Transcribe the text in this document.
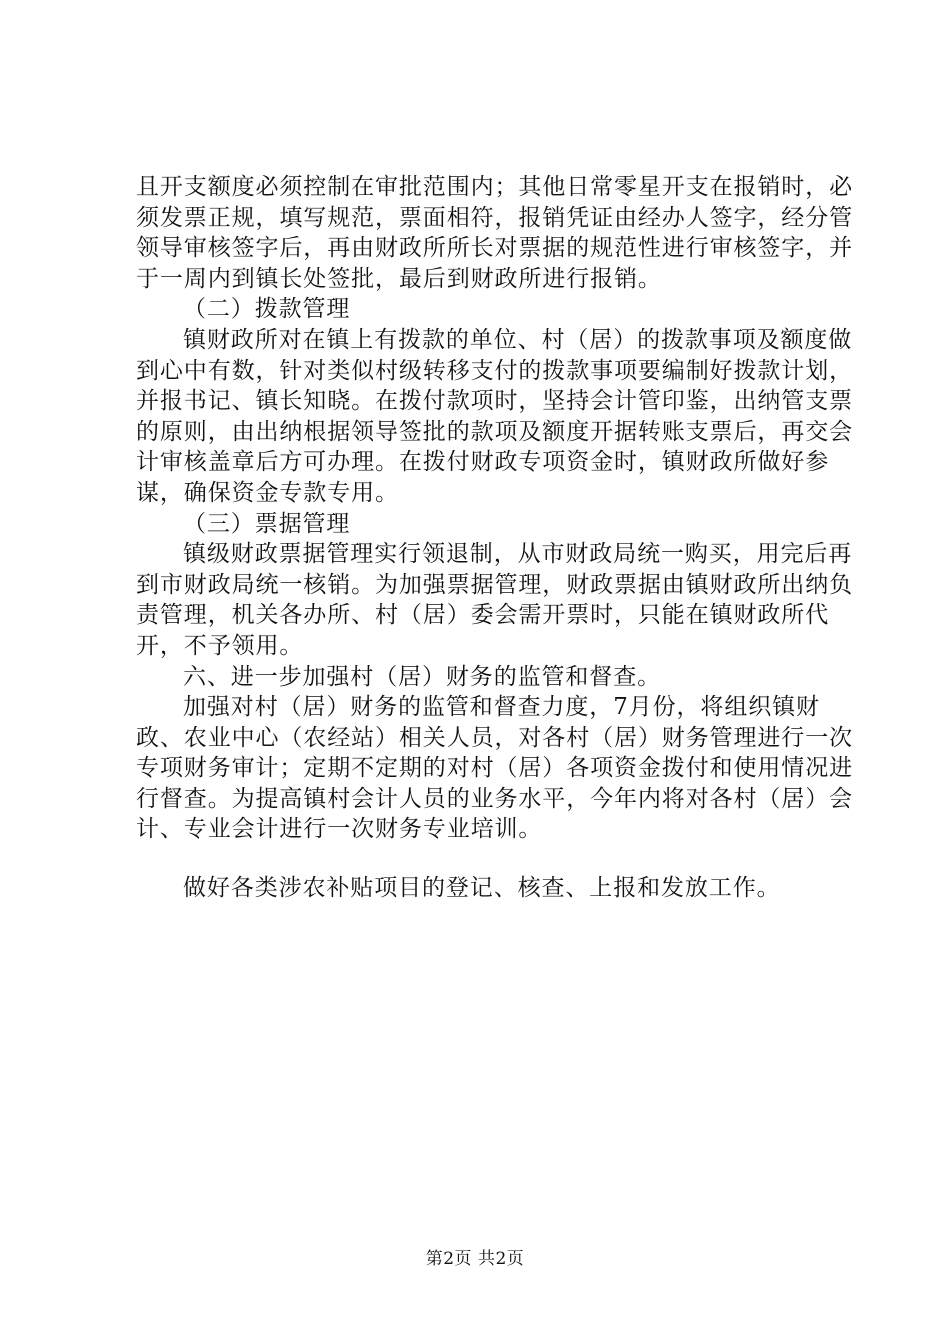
且开支额度必须控制在审批范围内；其他日常零星开支在报销时，必须发票正规，填写规范，票面相符，报销凭证由经办人签字，经分管领导审核签字后，再由财政所所长对票据的规范性进行审核签字，并于一周内到镇长处签批，最后到财政所进行报销。

（二）拨款管理

镇财政所对在镇上有拨款的单位、村（居）的拨款事项及额度做到心中有数，针对类似村级转移支付的拨款事项要编制好拨款计划，并报书记、镇长知晓。在拨付款项时，坚持会计管印鉴，出纳管支票的原则，由出纳根据领导签批的款项及额度开据转账支票后，再交会计审核盖章后方可办理。在拨付财政专项资金时，镇财政所做好参谋，确保资金专款专用。

（三）票据管理

镇级财政票据管理实行领退制，从市财政局统一购买，用完后再到市财政局统一核销。为加强票据管理，财政票据由镇财政所出纳负责管理，机关各办所、村（居）委会需开票时，只能在镇财政所代开，不予领用。

六、进一步加强村（居）财务的监管和督查。

加强对村（居）财务的监管和督查力度，7月份，将组织镇财政、农业中心（农经站）相关人员，对各村（居）财务管理进行一次专项财务审计；定期不定期的对村（居）各项资金拨付和使用情况进行督查。为提高镇村会计人员的业务水平，今年内将对各村（居）会计、专业会计进行一次财务专业培训。

做好各类涉农补贴项目的登记、核查、上报和发放工作。

第2页 共2页
